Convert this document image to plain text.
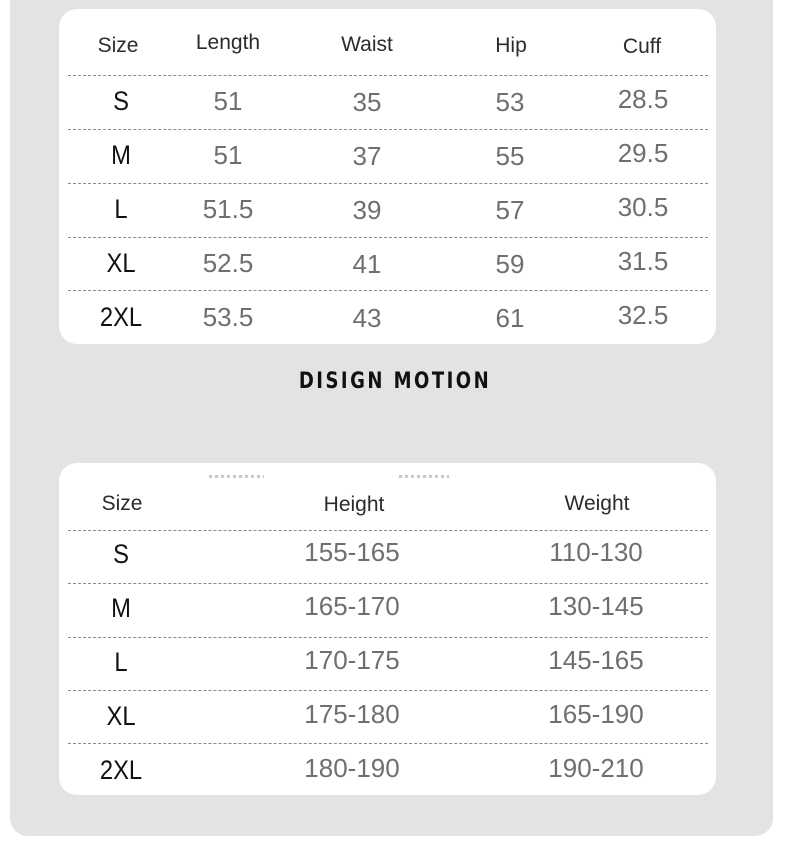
Size	Length	Waist	Hip	Cuff
S	51	35	53	28.5
M	51	37	55	29.5
L	51.5	39	57	30.5
XL	52.5	41	59	31.5
2XL 53.5	43	61	32.5
DISIGN MOTION
Size	Height	Weight
S	155-165	110-130
M	165-170	130-145
L	170-175	145-165
XL	175-180	165-190
2XL	180-190	190-210
